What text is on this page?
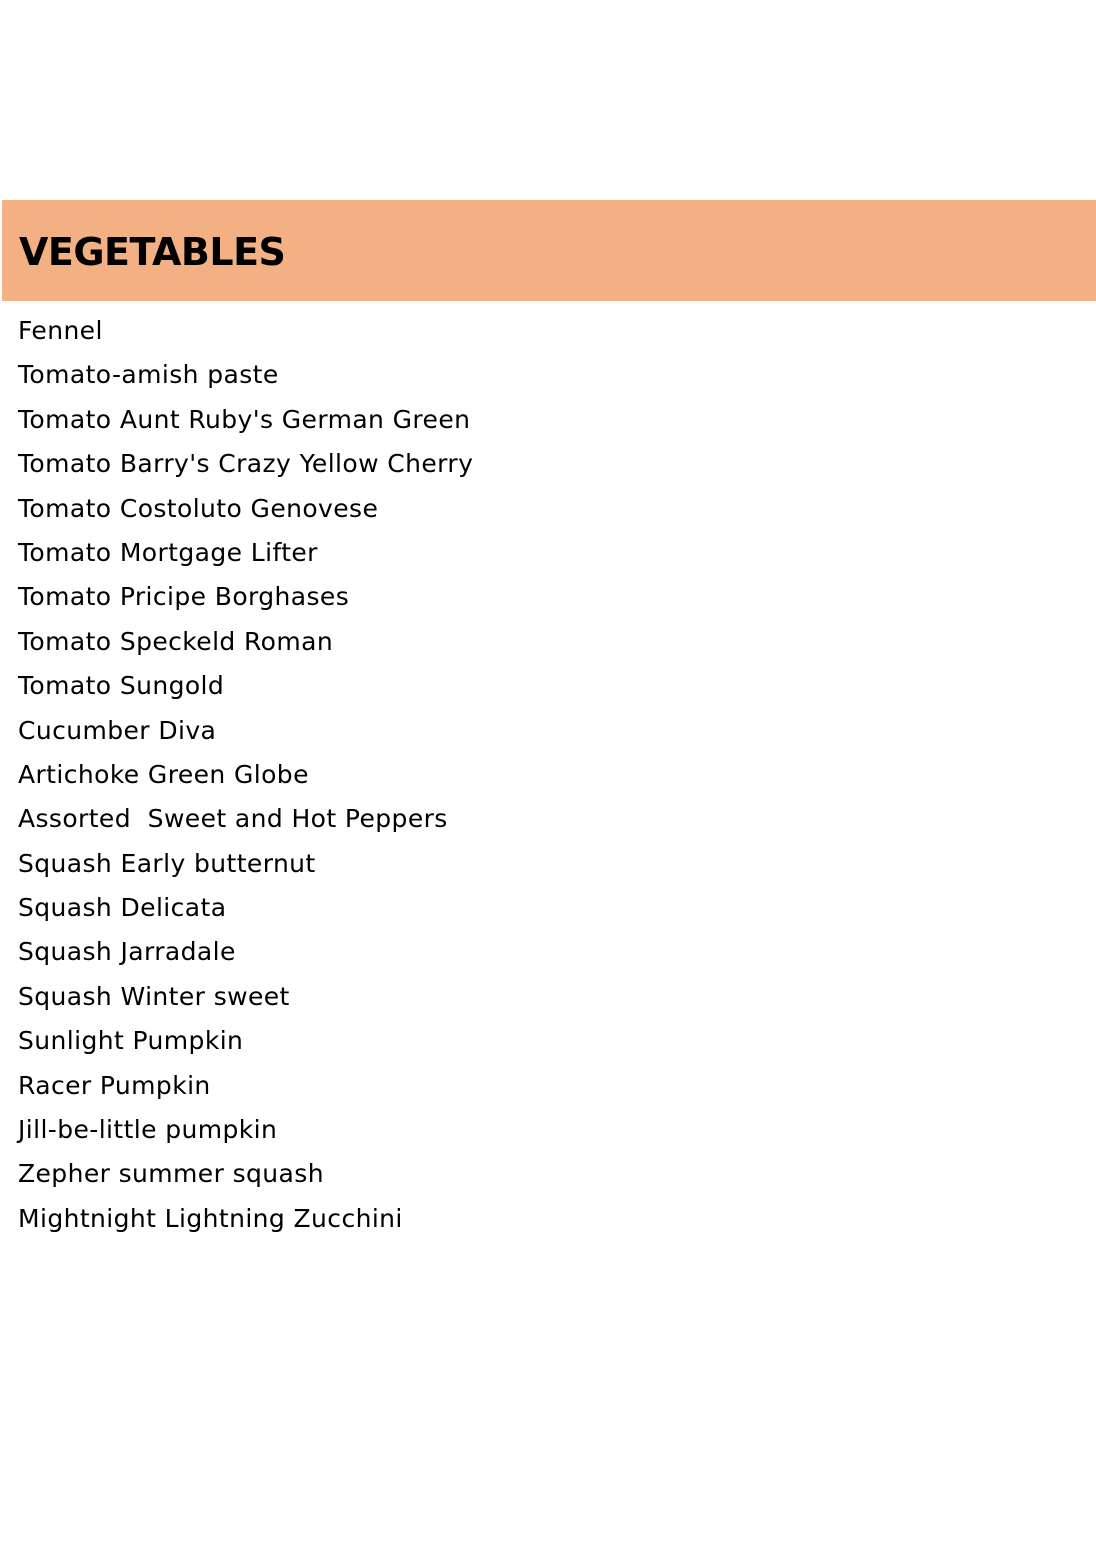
VEGETABLES
Fennel
Tomato-amish paste
Tomato Aunt Ruby's German Green
Tomato Barry's Crazy Yellow Cherry
Tomato Costoluto Genovese
Tomato Mortgage Lifter
Tomato Pricipe Borghases
Tomato Speckeld Roman
Tomato Sungold
Cucumber Diva
Artichoke Green Globe
Assorted  Sweet and Hot Peppers
Squash Early butternut
Squash Delicata
Squash Jarradale
Squash Winter sweet
Sunlight Pumpkin
Racer Pumpkin
Jill-be-little pumpkin
Zepher summer squash
Mightnight Lightning Zucchini
